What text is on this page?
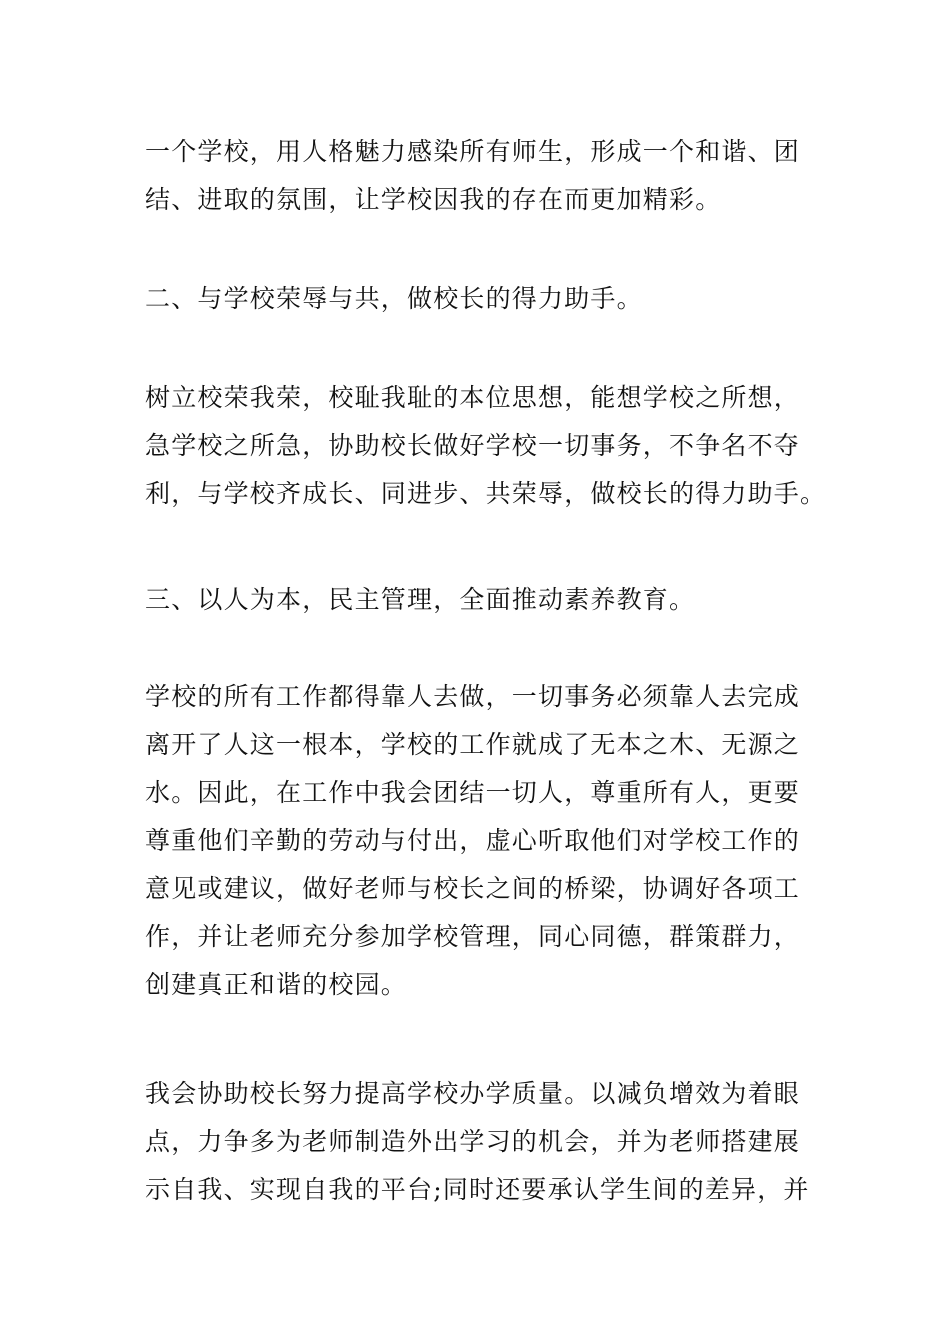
一个学校，用人格魅力感染所有师生，形成一个和谐、团
结、进取的氛围，让学校因我的存在而更加精彩。
二、与学校荣辱与共，做校长的得力助手。
树立校荣我荣，校耻我耻的本位思想，能想学校之所想，
急学校之所急，协助校长做好学校一切事务，不争名不夺
利，与学校齐成长、同进步、共荣辱，做校长的得力助手。
三、以人为本，民主管理，全面推动素养教育。
学校的所有工作都得靠人去做，一切事务必须靠人去完成
离开了人这一根本，学校的工作就成了无本之木、无源之
水。因此，在工作中我会团结一切人，尊重所有人，更要
尊重他们辛勤的劳动与付出，虚心听取他们对学校工作的
意见或建议，做好老师与校长之间的桥梁，协调好各项工
作，并让老师充分参加学校管理，同心同德，群策群力，
创建真正和谐的校园。
我会协助校长努力提高学校办学质量。以减负增效为着眼
点，力争多为老师制造外出学习的机会，并为老师搭建展
示自我、实现自我的平台;同时还要承认学生间的差异，并
